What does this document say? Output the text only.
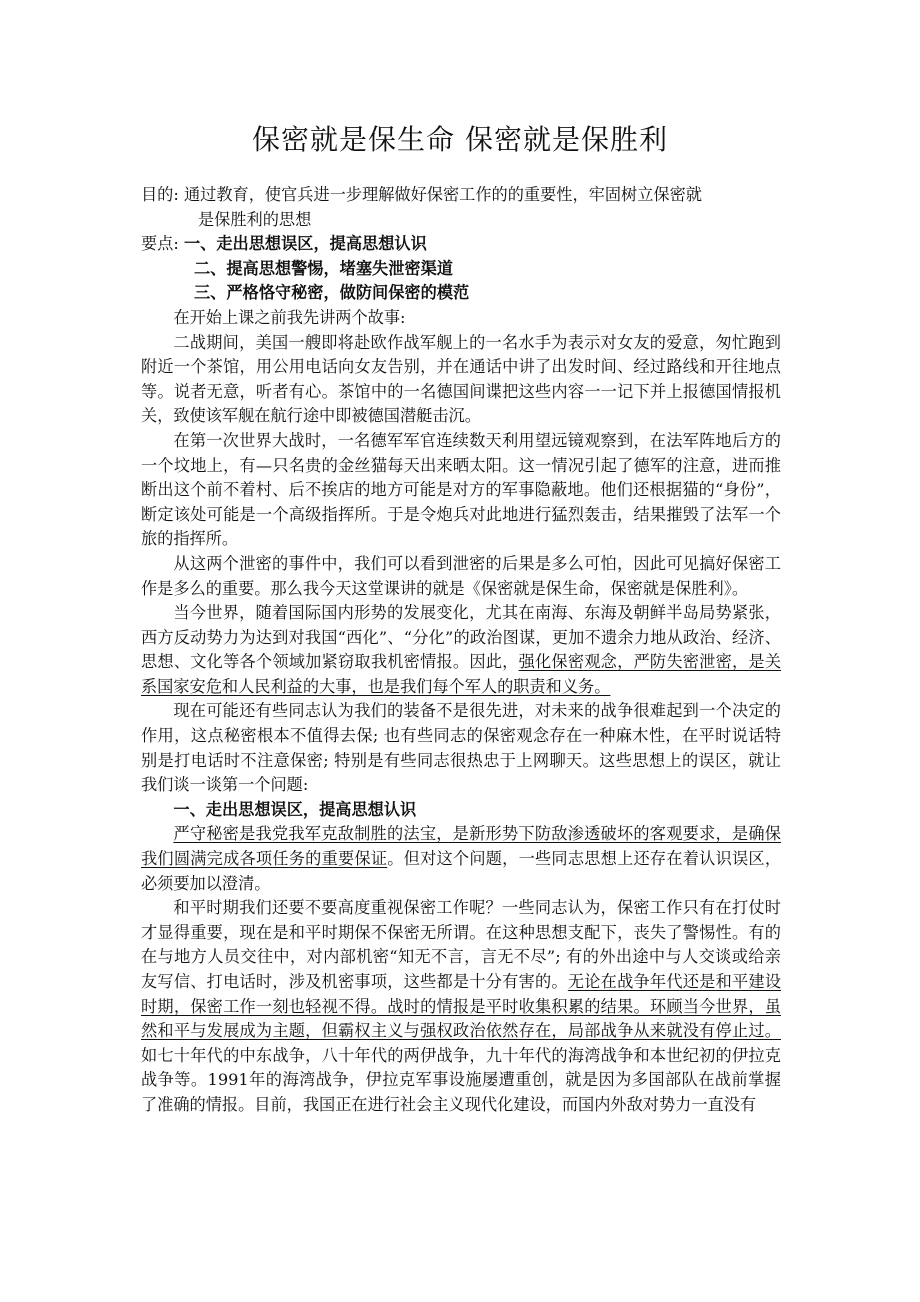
保密就是保生命 保密就是保胜利
目的: 通过教育，使官兵进一步理解做好保密工作的的重要性，牢固树立保密就
是保胜利的思想
要点: 一、走出思想误区，提高思想认识
二、提高思想警惕，堵塞失泄密渠道
三、严格恪守秘密，做防间保密的模范

在开始上课之前我先讲两个故事:

二战期间，美国一艘即将赴欧作战军舰上的一名水手为表示对女友的爱意，匆忙跑到附近一个茶馆，用公用电话向女友告别，并在通话中讲了出发时间、经过路线和开往地点等。说者无意，听者有心。茶馆中的一名德国间谍把这些内容一一记下并上报德国情报机关，致使该军舰在航行途中即被德国潜艇击沉。

在第一次世界大战时，一名德军军官连续数天利用望远镜观察到，在法军阵地后方的一个坟地上，有—只名贵的金丝猫每天出来晒太阳。这一情况引起了德军的注意，进而推断出这个前不着村、后不挨店的地方可能是对方的军事隐蔽地。他们还根据猫的“身份”，断定该处可能是一个高级指挥所。于是令炮兵对此地进行猛烈轰击，结果摧毁了法军一个旅的指挥所。

从这两个泄密的事件中，我们可以看到泄密的后果是多么可怕，因此可见搞好保密工作是多么的重要。那么我今天这堂课讲的就是《保密就是保生命，保密就是保胜利》。

当今世界，随着国际国内形势的发展变化，尤其在南海、东海及朝鲜半岛局势紧张，西方反动势力为达到对我国“西化”、“分化”的政治图谋，更加不遗余力地从政治、经济、思想、文化等各个领域加紧窃取我机密情报。因此，强化保密观念，严防失密泄密，是关系国家安危和人民利益的大事，也是我们每个军人的职责和义务。

现在可能还有些同志认为我们的装备不是很先进，对未来的战争很难起到一个决定的作用，这点秘密根本不值得去保; 也有些同志的保密观念存在一种麻木性，在平时说话特别是打电话时不注意保密; 特别是有些同志很热忠于上网聊天。这些思想上的误区，就让我们谈一谈第一个问题:

一、走出思想误区，提高思想认识

严守秘密是我党我军克敌制胜的法宝，是新形势下防敌渗透破坏的客观要求，是确保我们圆满完成各项任务的重要保证。但对这个问题，一些同志思想上还存在着认识误区，必须要加以澄清。

和平时期我们还要不要高度重视保密工作呢？一些同志认为，保密工作只有在打仗时才显得重要，现在是和平时期保不保密无所谓。在这种思想支配下，丧失了警惕性。有的在与地方人员交往中，对内部机密“知无不言，言无不尽”; 有的外出途中与人交谈或给亲友写信、打电话时，涉及机密事项，这些都是十分有害的。无论在战争年代还是和平建设时期，保密工作一刻也轻视不得。战时的情报是平时收集积累的结果。环顾当今世界，虽然和平与发展成为主题，但霸权主义与强权政治依然存在，局部战争从来就没有停止过。如七十年代的中东战争，八十年代的两伊战争，九十年代的海湾战争和本世纪初的伊拉克战争等。1991年的海湾战争，伊拉克军事设施屡遭重创，就是因为多国部队在战前掌握了准确的情报。目前，我国正在进行社会主义现代化建设，而国内外敌对势力一直没有
